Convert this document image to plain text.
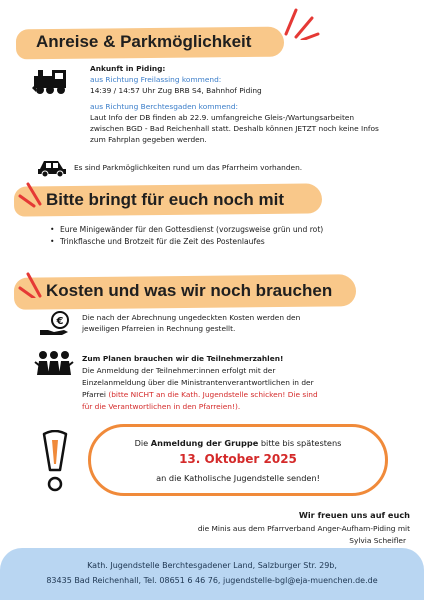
Anreise & Parkmöglichkeit
Ankunft in Piding:
aus Richtung Freilassing kommend:
14:39 / 14:57 Uhr Zug BRB S4, Bahnhof Piding
aus Richtung Berchtesgaden kommend:
Laut Info der DB finden ab 22.9. umfangreiche Gleis-/Wartungsarbeiten
zwischen BGD - Bad Reichenhall statt. Deshalb können JETZT noch keine Infos
zum Fahrplan gegeben werden.
Es sind Parkmöglichkeiten rund um das Pfarrheim vorhanden.
Bitte bringt für euch noch mit
• Eure Minigewänder für den Gottesdienst (vorzugsweise grün und rot)
• Trinkflasche und Brotzeit für die Zeit des Postenlaufes
Kosten und was wir noch brauchen
€	Die nach der Abrechnung ungedeckten Kosten werden den
jeweiligen Pfarreien in Rechnung gestellt.
Zum Planen brauchen wir die Teilnehmerzahlen!
Die Anmeldung der Teilnehmer:innen erfolgt mit der
Einzelanmeldung über die Ministrantenverantwortlichen in der
Pfarrei (bitte NICHT an die Kath. Jugendstelle schicken! Die sind
für die Verantwortlichen in den Pfarreien!).
Die Anmeldung der Gruppe bitte bis spätestens
13. Oktober 2025
an die Katholische Jugendstelle senden!
Wir freuen uns auf euch
die Minis aus dem Pfarrverband Anger-Aufham-Piding mit
Sylvia Scheifler
Kath. Jugendstelle Berchtesgadener Land, Salzburger Str. 29b,
83435 Bad Reichenhall, Tel. 08651 6 46 76, jugendstelle-bgl@eja-muenchen.de.de
